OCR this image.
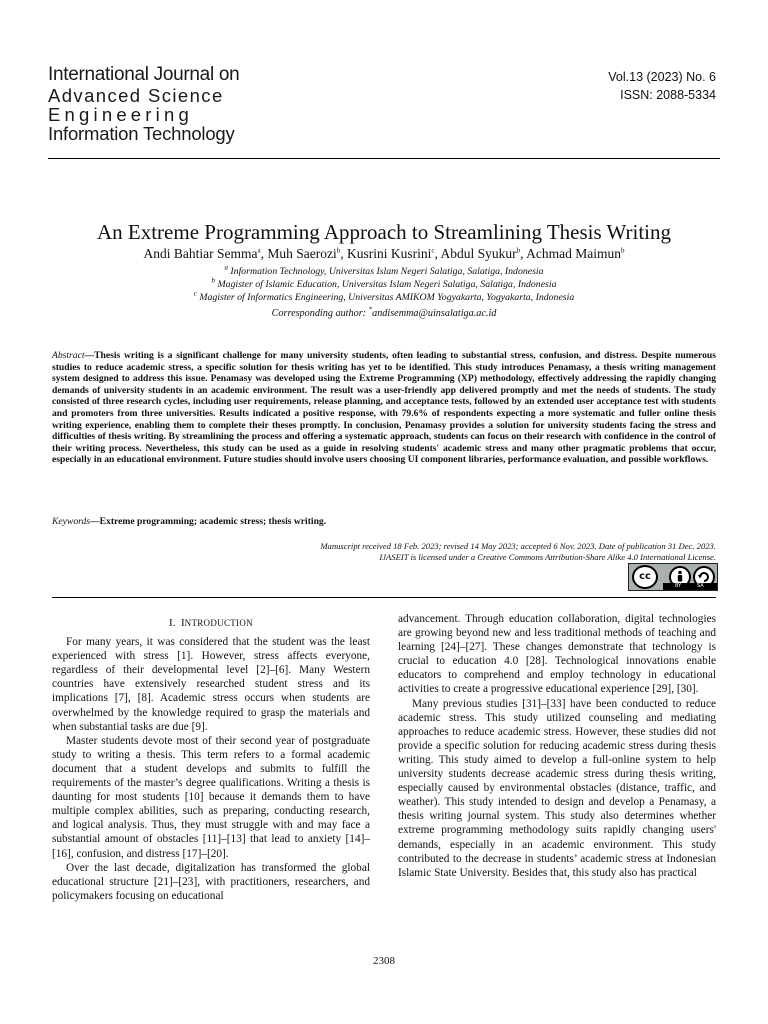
International Journal on
Advanced Science
Engineering
Information Technology
Vol.13 (2023) No. 6
ISSN: 2088-5334
An Extreme Programming Approach to Streamlining Thesis Writing
Andi Bahtiar Semma$^a$, Muh Saerozi$^b$, Kusrini Kusrini$^c$, Abdul Syukur$^b$, Achmad Maimun$^b$
$^a$ Information Technology, Universitas Islam Negeri Salatiga, Salatiga, Indonesia
$^b$ Magister of Islamic Education, Universitas Islam Negeri Salatiga, Salatiga, Indonesia
$^c$ Magister of Informatics Engineering, Universitas AMIKOM Yogyakarta, Yogyakarta, Indonesia
Corresponding author: *andisemma@uinsalatiga.ac.id
Abstract—Thesis writing is a significant challenge for many university students, often leading to substantial stress, confusion, and distress. Despite numerous studies to reduce academic stress, a specific solution for thesis writing has yet to be identified. This study introduces Penamasy, a thesis writing management system designed to address this issue. Penamasy was developed using the Extreme Programming (XP) methodology, effectively addressing the rapidly changing demands of university students in an academic environment. The result was a user-friendly app delivered promptly and met the needs of students. The study consisted of three research cycles, including user requirements, release planning, and acceptance tests, followed by an extended user acceptance test with students and promoters from three universities. Results indicated a positive response, with 79.6% of respondents expecting a more systematic and fuller online thesis writing experience, enabling them to complete their theses promptly. In conclusion, Penamasy provides a solution for university students facing the stress and difficulties of thesis writing. By streamlining the process and offering a systematic approach, students can focus on their research with confidence in the control of their writing process. Nevertheless, this study can be used as a guide in resolving students' academic stress and many other pragmatic problems that occur, especially in an educational environment. Future studies should involve users choosing UI component libraries, performance evaluation, and possible workflows.
Keywords—Extreme programming; academic stress; thesis writing.
Manuscript received 18 Feb. 2023; revised 14 May 2023; accepted 6 Nov. 2023. Date of publication 31 Dec. 2023.
IJASEIT is licensed under a Creative Commons Attribution-Share Alike 4.0 International License.
cc
BY	SA
I. INTRODUCTION

For many years, it was considered that the student was the least experienced with stress [1]. However, stress affects everyone, regardless of their developmental level [2]–[6]. Many Western countries have extensively researched student stress and its implications [7], [8]. Academic stress occurs when students are overwhelmed by the knowledge required to grasp the materials and when substantial tasks are due [9].

Master students devote most of their second year of postgraduate study to writing a thesis. This term refers to a formal academic document that a student develops and submits to fulfill the requirements of the master’s degree qualifications. Writing a thesis is daunting for most students [10] because it demands them to have multiple complex abilities, such as preparing, conducting research, and logical analysis. Thus, they must struggle with and may face a substantial amount of obstacles [11]–[13] that lead to anxiety [14]–[16], confusion, and distress [17]–[20].

Over the last decade, digitalization has transformed the global educational structure [21]–[23], with practitioners, researchers, and policymakers focusing on educational

advancement. Through education collaboration, digital technologies are growing beyond new and less traditional methods of teaching and learning [24]–[27]. These changes demonstrate that technology is crucial to education 4.0 [28]. Technological innovations enable educators to comprehend and employ technology in educational activities to create a progressive educational experience [29], [30].

Many previous studies [31]–[33] have been conducted to reduce academic stress. This study utilized counseling and mediating approaches to reduce academic stress. However, these studies did not provide a specific solution for reducing academic stress during thesis writing. This study aimed to develop a full-online system to help university students decrease academic stress during thesis writing, especially caused by environmental obstacles (distance, traffic, and weather). This study intended to design and develop a Penamasy, a thesis writing journal system. This study also determines whether extreme programming methodology suits rapidly changing users' demands, especially in an academic environment. This study contributed to the decrease in students’ academic stress at Indonesian Islamic State University. Besides that, this study also has practical

2308
